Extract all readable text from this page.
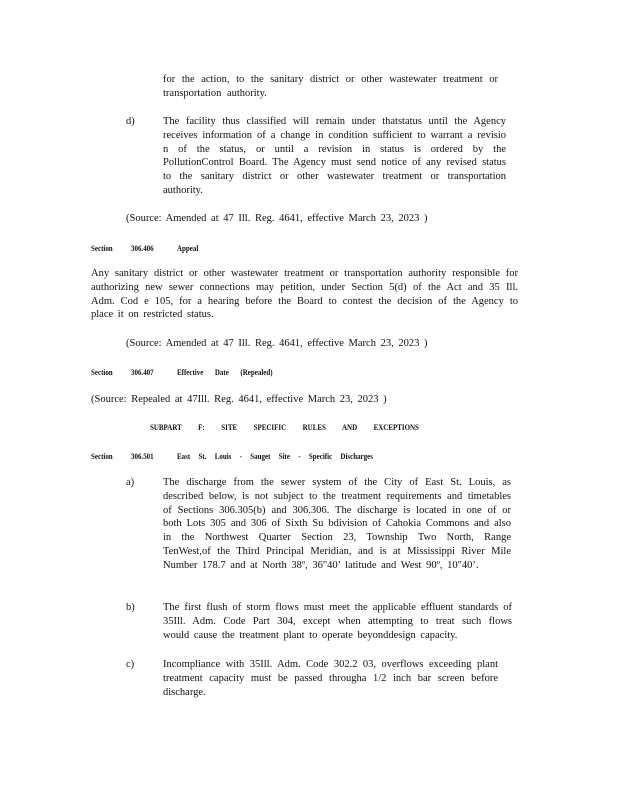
for the action, to the sanitary district or other wastewater treatment or transportation authority.

d)	The facility thus classified will remain under thatstatus until the Agency receives information of a change in condition sufficient to warrant a revisio n of the status, or until a revision in status is ordered by the PollutionControl Board. The Agency must send notice of any revised status to the sanitary district or other wastewater treatment or transportation authority.

(Source: Amended at 47 Ill. Reg. 4641, effective March 23, 2023 )

Section 306.406	Appeal

Any sanitary district or other wastewater treatment or transportation authority responsible for authorizing new sewer connections may petition, under Section 5(d) of the Act and 35 Ill. Adm. Cod e 105, for a hearing before the Board to contest the decision of the Agency to place it on restricted status.

(Source: Amended at 47 Ill. Reg. 4641, effective March 23, 2023 )

Section 306.407	Effective Date (Repealed)

(Source: Repealed at 47Ill. Reg. 4641, effective March 23, 2023 )

SUBPART F: SITE SPECIFIC RULES AND EXCEPTIONS
Section 306.501	East St. Louis - Sauget Site - Specific Discharges
a)	The discharge from the sewer system of the City of East St. Louis, as described below, is not subject to the treatment requirements and timetables of Sections 306.305(b) and 306.306. The discharge is located in one of or both Lots 305 and 306 of Sixth Su bdivision of Cahokia Commons and also in the Northwest Quarter Section 23, Township Two North, Range TenWest,of the Third Principal Meridian, and is at Mississippi River Mile Number 178.7 and at North 38º, 36"40’ latitude and West 90º, 10"40’.

b)	The first flush of storm flows must meet the applicable effluent standards of 35Ill. Adm. Code Part 304, except when attempting to treat such flows would cause the treatment plant to operate beyonddesign capacity.

c)	Incompliance with 35Ill. Adm. Code 302.2 03, overflows exceeding plant treatment capacity must be passed througha 1/2 inch bar screen before discharge.
